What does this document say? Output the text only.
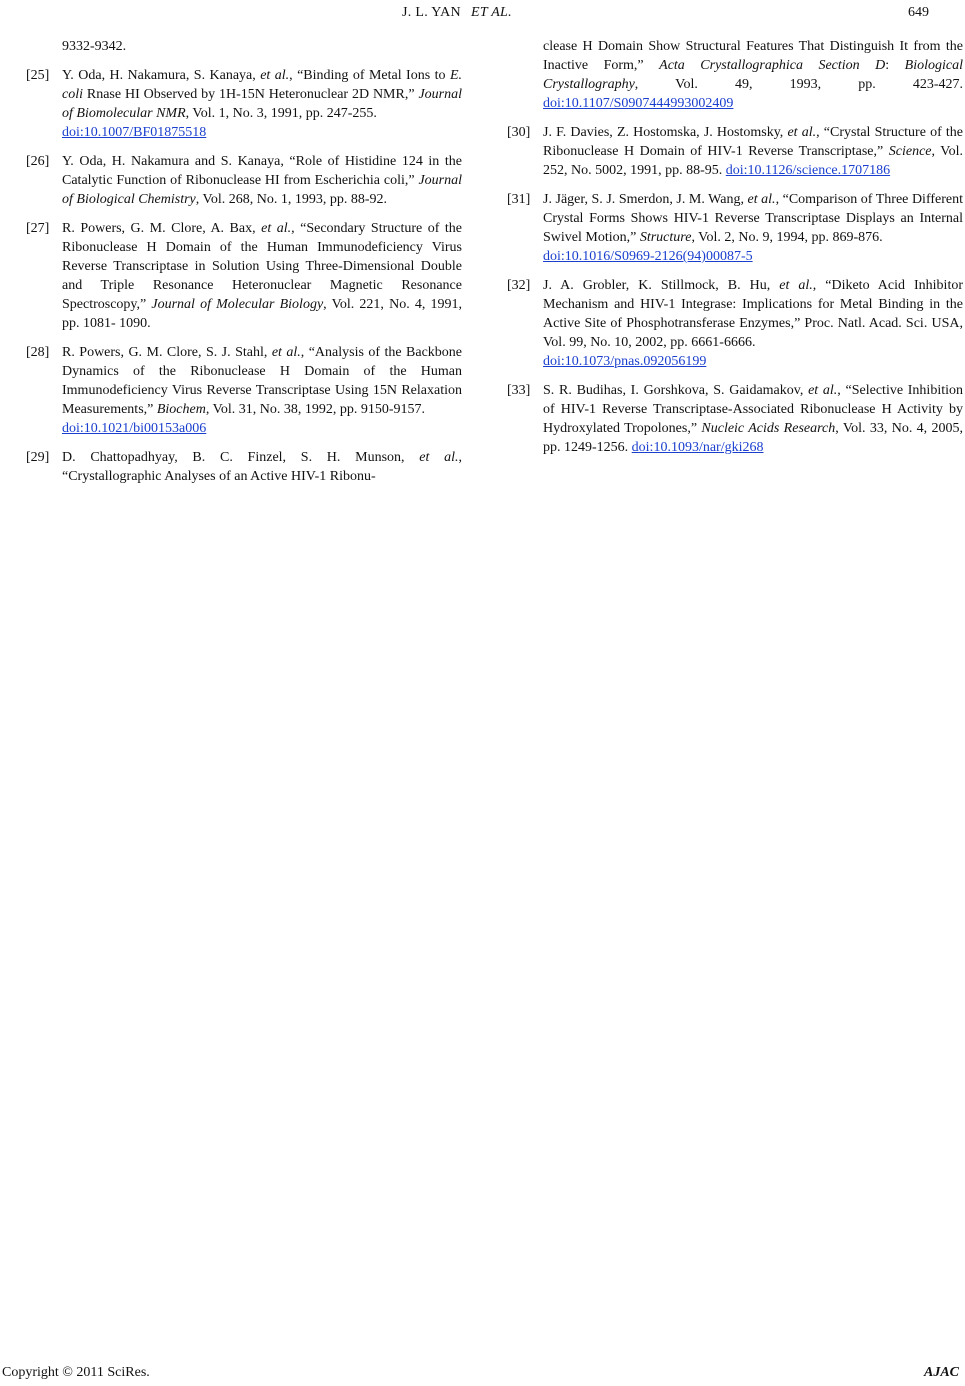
J. L. YAN ET AL.	649
9332-9342.
[25] Y. Oda, H. Nakamura, S. Kanaya, et al., “Binding of Metal Ions to E. coli Rnase HI Observed by 1H-15N Heteronuclear 2D NMR,” Journal of Biomolecular NMR, Vol. 1, No. 3, 1991, pp. 247-255.
doi:10.1007/BF01875518
[26] Y. Oda, H. Nakamura and S. Kanaya, “Role of Histidine 124 in the Catalytic Function of Ribonuclease HI from Escherichia coli,” Journal of Biological Chemistry, Vol. 268, No. 1, 1993, pp. 88-92.
[27] R. Powers, G. M. Clore, A. Bax, et al., “Secondary Structure of the Ribonuclease H Domain of the Human Immunodeficiency Virus Reverse Transcriptase in Solution Using Three-Dimensional Double and Triple Resonance Heteronuclear Magnetic Resonance Spectroscopy,” Journal of Molecular Biology, Vol. 221, No. 4, 1991, pp. 1081- 1090.
[28] R. Powers, G. M. Clore, S. J. Stahl, et al., “Analysis of the Backbone Dynamics of the Ribonuclease H Domain of the Human Immunodeficiency Virus Reverse Transcriptase Using 15N Relaxation Measurements,” Biochem, Vol. 31, No. 38, 1992, pp. 9150-9157.
doi:10.1021/bi00153a006
[29] D. Chattopadhyay, B. C. Finzel, S. H. Munson, et al., “Crystallographic Analyses of an Active HIV-1 Ribonu-
clease H Domain Show Structural Features That Distinguish It from the Inactive Form,” Acta Crystallographica Section D: Biological Crystallography, Vol. 49, 1993, pp. 423-427. doi:10.1107/S0907444993002409
[30] J. F. Davies, Z. Hostomska, J. Hostomsky, et al., “Crystal Structure of the Ribonuclease H Domain of HIV-1 Reverse Transcriptase,” Science, Vol. 252, No. 5002, 1991, pp. 88-95. doi:10.1126/science.1707186
[31] J. Jäger, S. J. Smerdon, J. M. Wang, et al., “Comparison of Three Different Crystal Forms Shows HIV-1 Reverse Transcriptase Displays an Internal Swivel Motion,” Structure, Vol. 2, No. 9, 1994, pp. 869-876.
doi:10.1016/S0969-2126(94)00087-5
[32] J. A. Grobler, K. Stillmock, B. Hu, et al., “Diketo Acid Inhibitor Mechanism and HIV-1 Integrase: Implications for Metal Binding in the Active Site of Phosphotransferase Enzymes,” Proc. Natl. Acad. Sci. USA, Vol. 99, No. 10, 2002, pp. 6661-6666.
doi:10.1073/pnas.092056199
[33] S. R. Budihas, I. Gorshkova, S. Gaidamakov, et al., “Selective Inhibition of HIV-1 Reverse Transcriptase-Associated Ribonuclease H Activity by Hydroxylated Tropolones,” Nucleic Acids Research, Vol. 33, No. 4, 2005, pp. 1249-1256. doi:10.1093/nar/gki268
Copyright © 2011 SciRes.	AJAC
